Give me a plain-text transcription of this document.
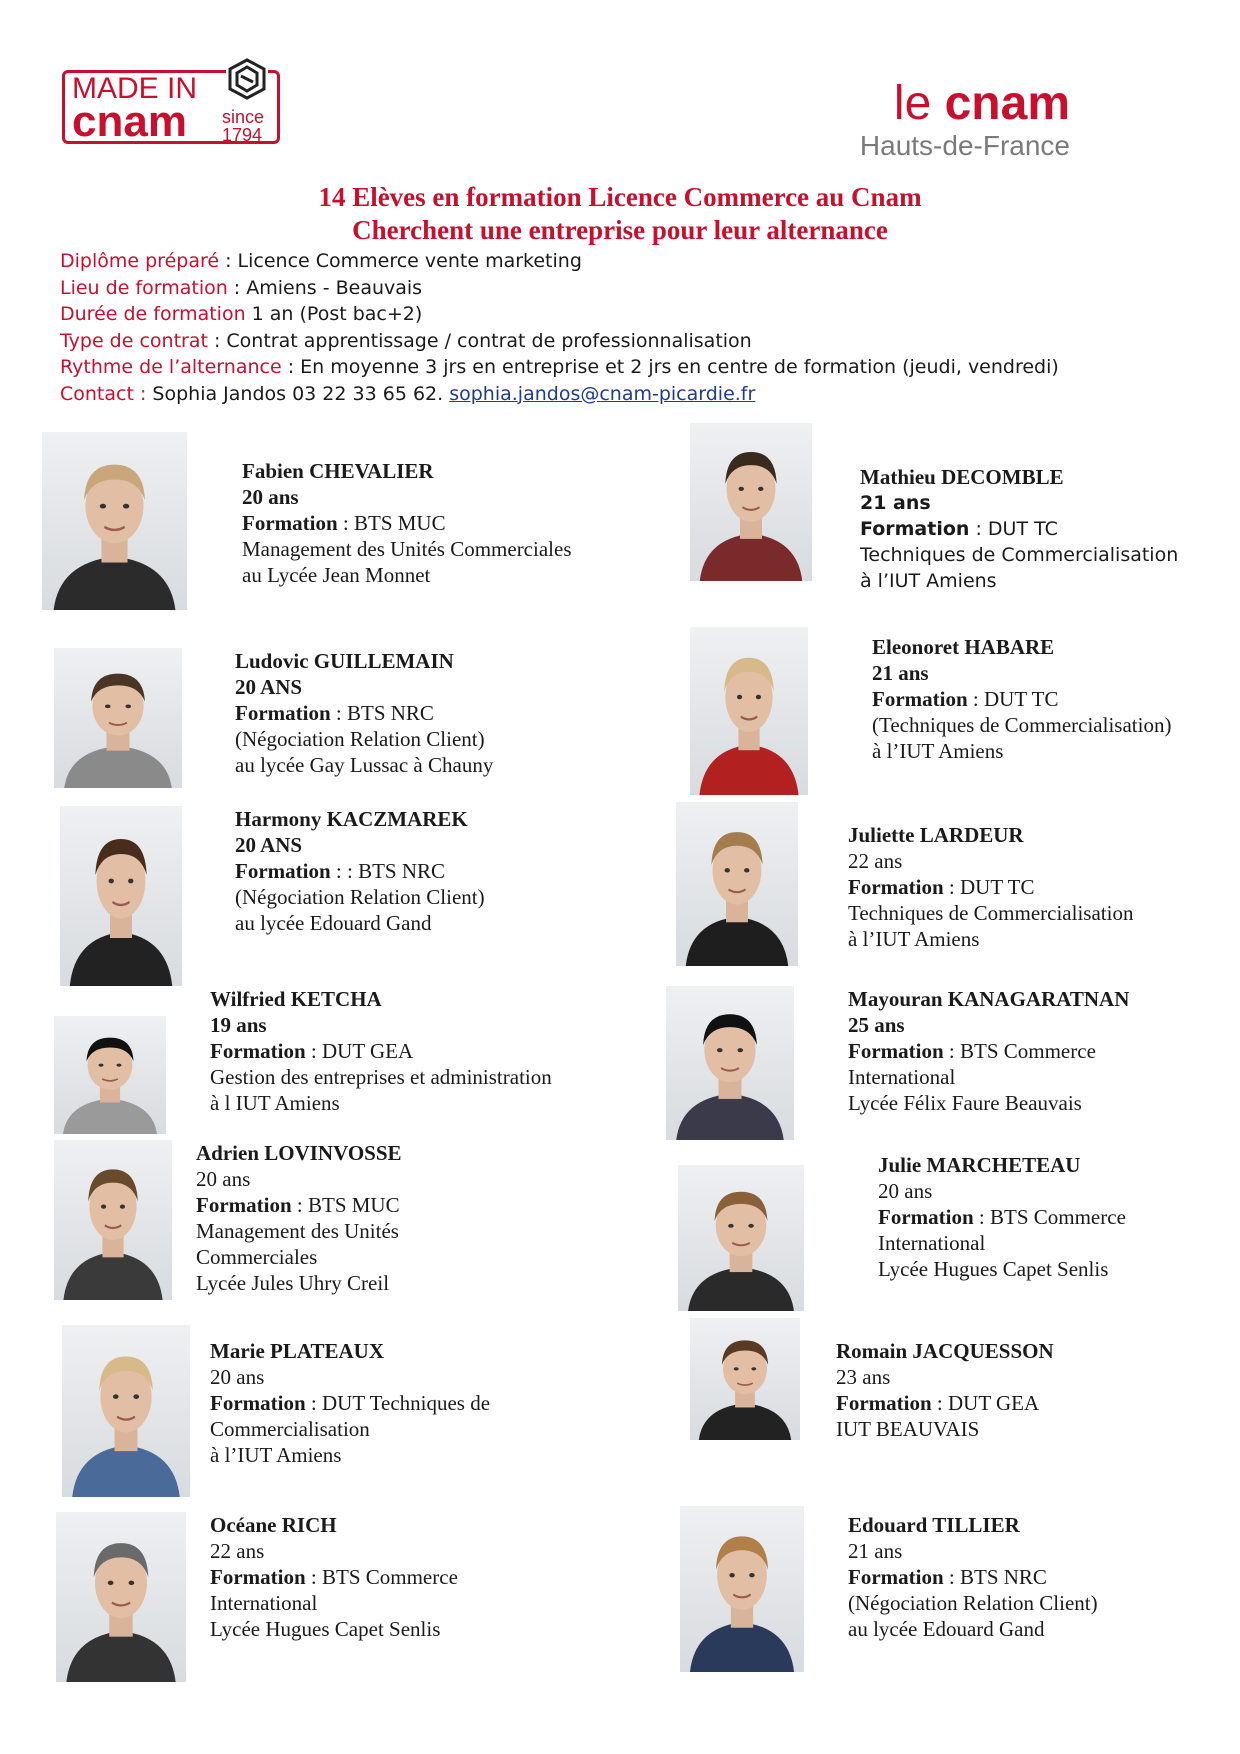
MADE IN
cnam since
1794
le cnam
Hauts-de-France
14 Elèves en formation Licence Commerce au Cnam
Cherchent une entreprise pour leur alternance
Diplôme préparé : Licence Commerce vente marketing
Lieu de formation : Amiens - Beauvais
Durée de formation 1 an (Post bac+2)
Type de contrat : Contrat apprentissage / contrat de professionnalisation
Rythme de l’alternance : En moyenne 3 jrs en entreprise et 2 jrs en centre de formation (jeudi, vendredi)
Contact : Sophia Jandos 03 22 33 65 62. sophia.jandos@cnam-picardie.fr
Fabien CHEVALIER
20 ans
Formation : BTS MUC
Management des Unités Commerciales
au Lycée Jean Monnet
Mathieu DECOMBLE
21 ans
Formation : DUT TC
Techniques de Commercialisation
à l’IUT Amiens
Ludovic GUILLEMAIN
20 ANS
Formation : BTS NRC
(Négociation Relation Client)
au lycée Gay Lussac à Chauny
Eleonoret HABARE
21 ans
Formation : DUT TC
(Techniques de Commercialisation)
à l’IUT Amiens
Harmony KACZMAREK
20 ANS
Formation : : BTS NRC
(Négociation Relation Client)
au lycée Edouard Gand
Juliette LARDEUR
22 ans
Formation : DUT TC
Techniques de Commercialisation
à l’IUT Amiens
Wilfried KETCHA
19 ans
Formation : DUT GEA
Gestion des entreprises et administration
à l IUT Amiens
Mayouran KANAGARATNAN
25 ans
Formation : BTS Commerce
International
Lycée Félix Faure Beauvais
Adrien LOVINVOSSE
20 ans
Formation : BTS MUC
Management des Unités
Commerciales
Lycée Jules Uhry Creil
Julie MARCHETEAU
20 ans
Formation : BTS Commerce
International
Lycée Hugues Capet Senlis
Marie PLATEAUX
20 ans
Formation : DUT Techniques de
Commercialisation
à l’IUT Amiens
Romain JACQUESSON
23 ans
Formation : DUT GEA
IUT BEAUVAIS
Océane RICH
22 ans
Formation : BTS Commerce
International
Lycée Hugues Capet Senlis
Edouard TILLIER
21 ans
Formation : BTS NRC
(Négociation Relation Client)
au lycée Edouard Gand
